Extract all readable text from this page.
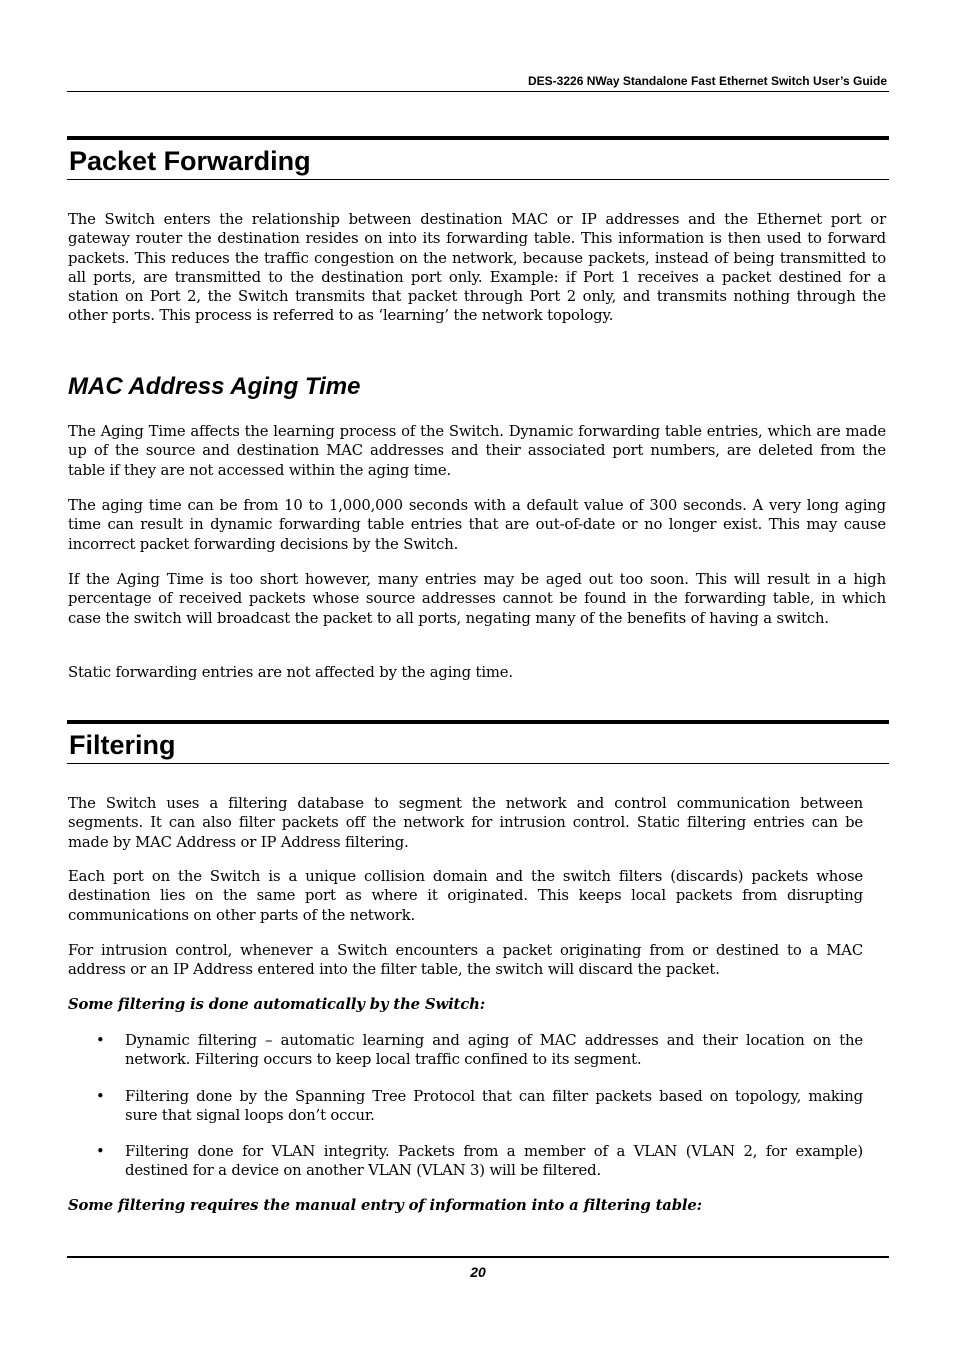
DES-3226 NWay Standalone Fast Ethernet Switch User’s Guide
Packet Forwarding

The Switch enters the relationship between destination MAC or IP addresses and the Ethernet port or gateway router the destination resides on into its forwarding table. This information is then used to forward packets. This reduces the traffic congestion on the network, because packets, instead of being transmitted to all ports, are transmitted to the destination port only. Example: if Port 1 receives a packet destined for a station on Port 2, the Switch transmits that packet through Port 2 only, and transmits nothing through the other ports. This process is referred to as ‘learning’ the network topology.

MAC Address Aging Time

The Aging Time affects the learning process of the Switch. Dynamic forwarding table entries, which are made up of the source and destination MAC addresses and their associated port numbers, are deleted from the table if they are not accessed within the aging time.

The aging time can be from 10 to 1,000,000 seconds with a default value of 300 seconds. A very long aging time can result in dynamic forwarding table entries that are out-of-date or no longer exist. This may cause incorrect packet forwarding decisions by the Switch.

If the Aging Time is too short however, many entries may be aged out too soon. This will result in a high percentage of received packets whose source addresses cannot be found in the forwarding table, in which case the switch will broadcast the packet to all ports, negating many of the benefits of having a switch.

Static forwarding entries are not affected by the aging time.

Filtering

The Switch uses a filtering database to segment the network and control communication between segments. It can also filter packets off the network for intrusion control. Static filtering entries can be made by MAC Address or IP Address filtering.

Each port on the Switch is a unique collision domain and the switch filters (discards) packets whose destination lies on the same port as where it originated. This keeps local packets from disrupting communications on other parts of the network.

For intrusion control, whenever a Switch encounters a packet originating from or destined to a MAC address or an IP Address entered into the filter table, the switch will discard the packet.

Some filtering is done automatically by the Switch:

• Dynamic filtering – automatic learning and aging of MAC addresses and their location on the network. Filtering occurs to keep local traffic confined to its segment.

• Filtering done by the Spanning Tree Protocol that can filter packets based on topology, making sure that signal loops don’t occur.

• Filtering done for VLAN integrity. Packets from a member of a VLAN (VLAN 2, for example) destined for a device on another VLAN (VLAN 3) will be filtered.

Some filtering requires the manual entry of information into a filtering table:

20
